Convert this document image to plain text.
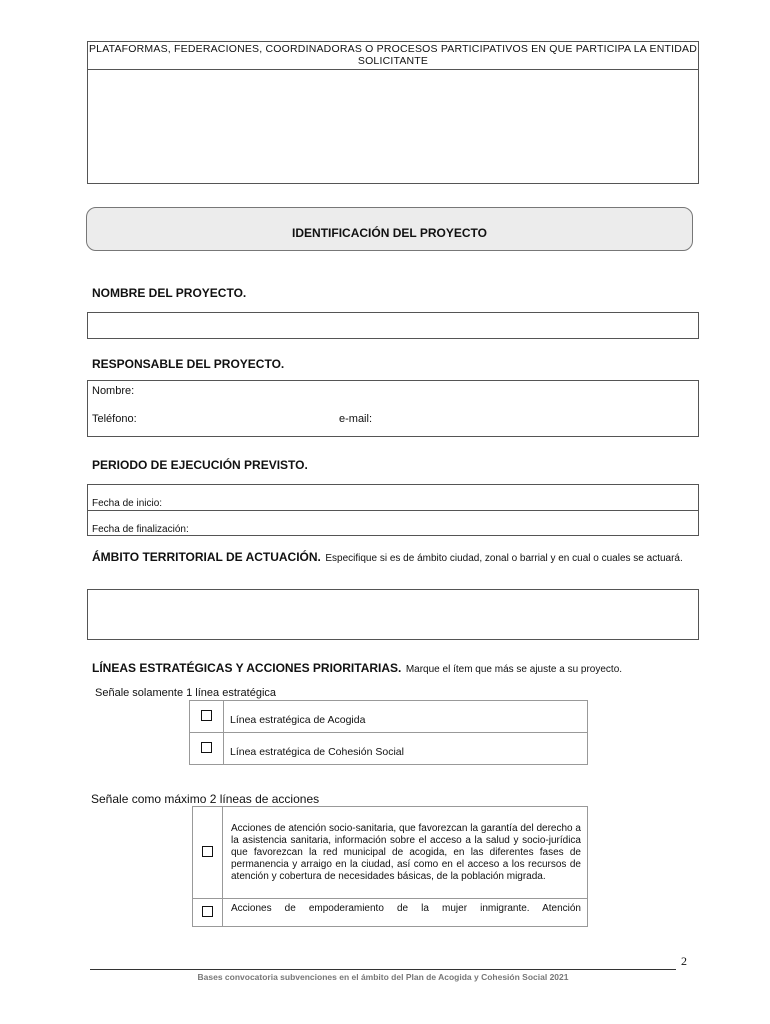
PLATAFORMAS, FEDERACIONES, COORDINADORAS O PROCESOS PARTICIPATIVOS EN QUE PARTICIPA LA ENTIDAD SOLICITANTE
IDENTIFICACIÓN DEL PROYECTO
NOMBRE DEL PROYECTO.
RESPONSABLE DEL PROYECTO.
Nombre:
Teléfono:	e-mail:
PERIODO DE EJECUCIÓN PREVISTO.
Fecha de inicio:
Fecha de finalización:
ÁMBITO TERRITORIAL DE ACTUACIÓN. Especifique si es de ámbito ciudad, zonal o barrial y en cual o cuales se actuará.
LÍNEAS ESTRATÉGICAS Y ACCIONES PRIORITARIAS. Marque el ítem que más se ajuste a su proyecto.
Señale solamente 1 línea estratégica
	Línea estratégica de Acogida
	Línea estratégica de Cohesión Social
Señale como máximo 2 líneas de acciones
	Acciones de atención socio-sanitaria, que favorezcan la garantía del derecho a la asistencia sanitaria, información sobre el acceso a la salud y socio-jurídica que favorezcan la red municipal de acogida, en las diferentes fases de permanencia y arraigo en la ciudad, así como en el acceso a los recursos de atención y cobertura de necesidades básicas, de la población migrada.
	Acciones de empoderamiento de la mujer inmigrante. Atención
2
Bases convocatoria subvenciones en el ámbito del Plan de Acogida y Cohesión Social 2021
